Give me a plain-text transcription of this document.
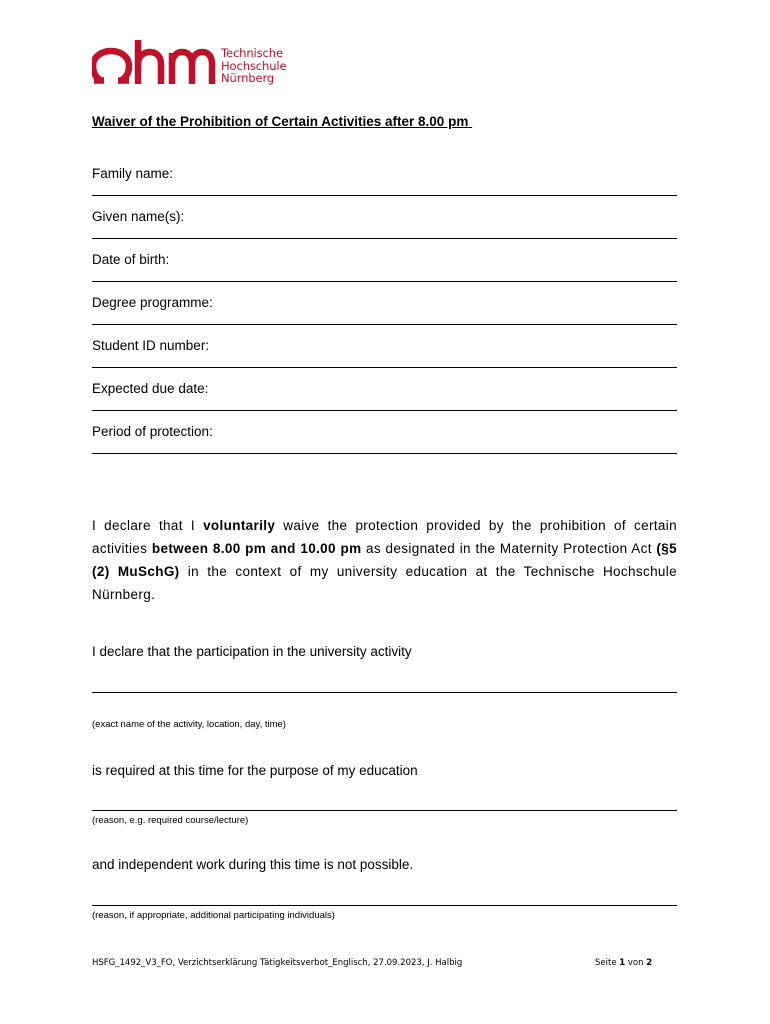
Technische
Hochschule
Nürnberg
Waiver of the Prohibition of Certain Activities after 8.00 pm
Family name:
Given name(s):
Date of birth:
Degree programme:
Student ID number:
Expected due date:
Period of protection:
I declare that I voluntarily waive the protection provided by the prohibition of certain activities between 8.00 pm and 10.00 pm as designated in the Maternity Protection Act (§5 (2) MuSchG) in the context of my university education at the Technische Hochschule Nürnberg.
I declare that the participation in the university activity
(exact name of the activity, location, day, time)
is required at this time for the purpose of my education
(reason, e.g. required course/lecture)
and independent work during this time is not possible.
(reason, if appropriate, additional participating individuals)
HSFG_1492_V3_FO, Verzichtserklärung Tätigkeitsverbot_Englisch, 27.09.2023, J. Halbig	Seite 1 von 2
